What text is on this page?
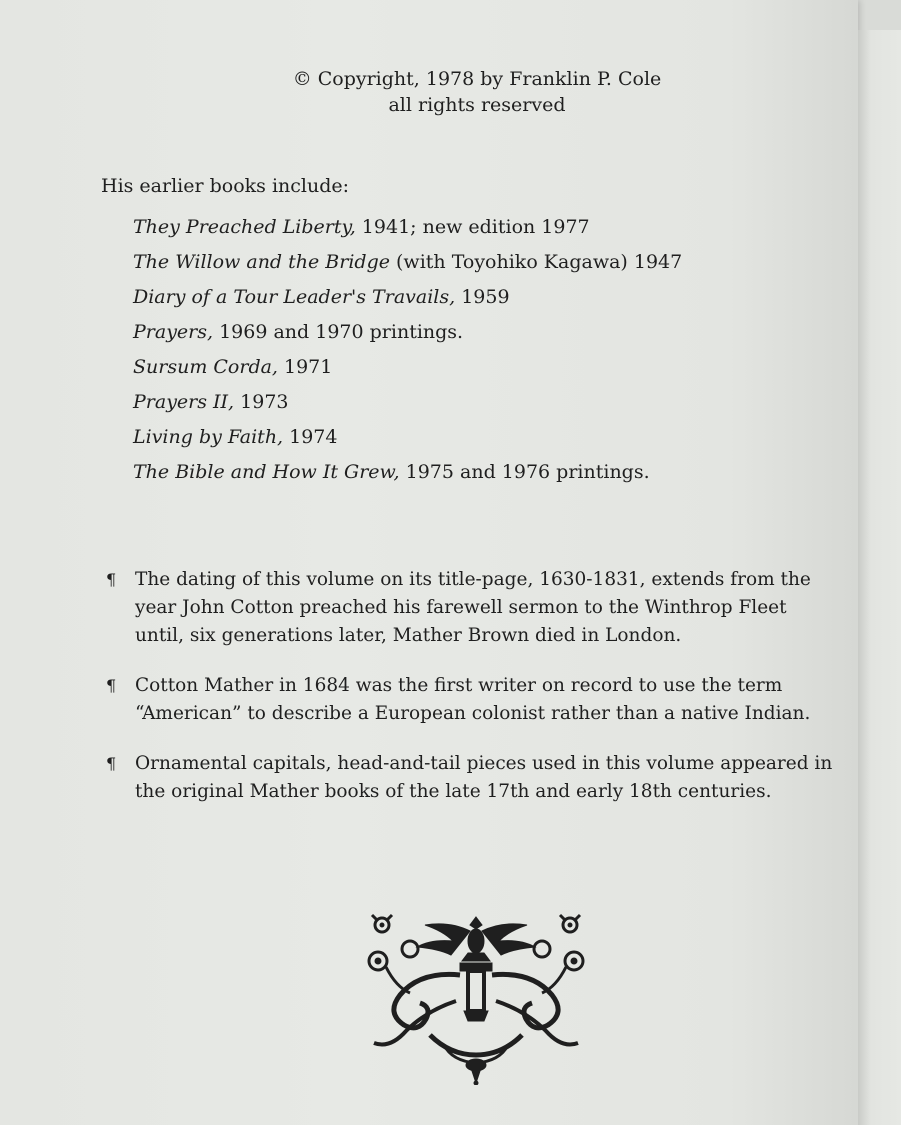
© Copyright, 1978 by Franklin P. Cole
all rights reserved
His earlier books include:
They Preached Liberty, 1941; new edition 1977
The Willow and the Bridge (with Toyohiko Kagawa) 1947
Diary of a Tour Leader's Travails, 1959
Prayers, 1969 and 1970 printings.
Sursum Corda, 1971
Prayers II, 1973
Living by Faith, 1974
The Bible and How It Grew, 1975 and 1976 printings.
¶	The dating of this volume on its title-page, 1630-1831, extends from the year John Cotton preached his farewell sermon to the Winthrop Fleet until, six generations later, Mather Brown died in London.
¶	Cotton Mather in 1684 was the first writer on record to use the term “American” to describe a European colonist rather than a native Indian.
¶	Ornamental capitals, head-and-tail pieces used in this volume appeared in the original Mather books of the late 17th and early 18th centuries.
